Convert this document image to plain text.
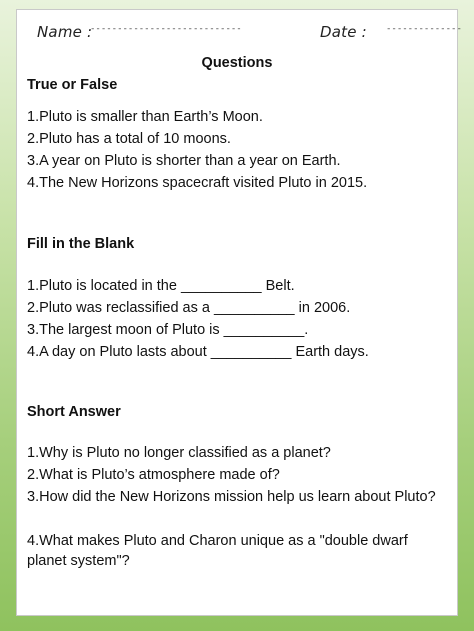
Name :
----------------------------	Date : --------------
Questions
True or False
1.Pluto is smaller than Earth’s Moon.
2.Pluto has a total of 10 moons.
3.A year on Pluto is shorter than a year on Earth.
4.The New Horizons spacecraft visited Pluto in 2015.
Fill in the Blank
1.Pluto is located in the __________ Belt.
2.Pluto was reclassified as a __________ in 2006.
3.The largest moon of Pluto is __________.
4.A day on Pluto lasts about __________ Earth days.
Short Answer
1.Why is Pluto no longer classified as a planet?
2.What is Pluto’s atmosphere made of?
3.How did the New Horizons mission help us learn about Pluto?
4.What makes Pluto and Charon unique as a "double dwarf planet system"?
